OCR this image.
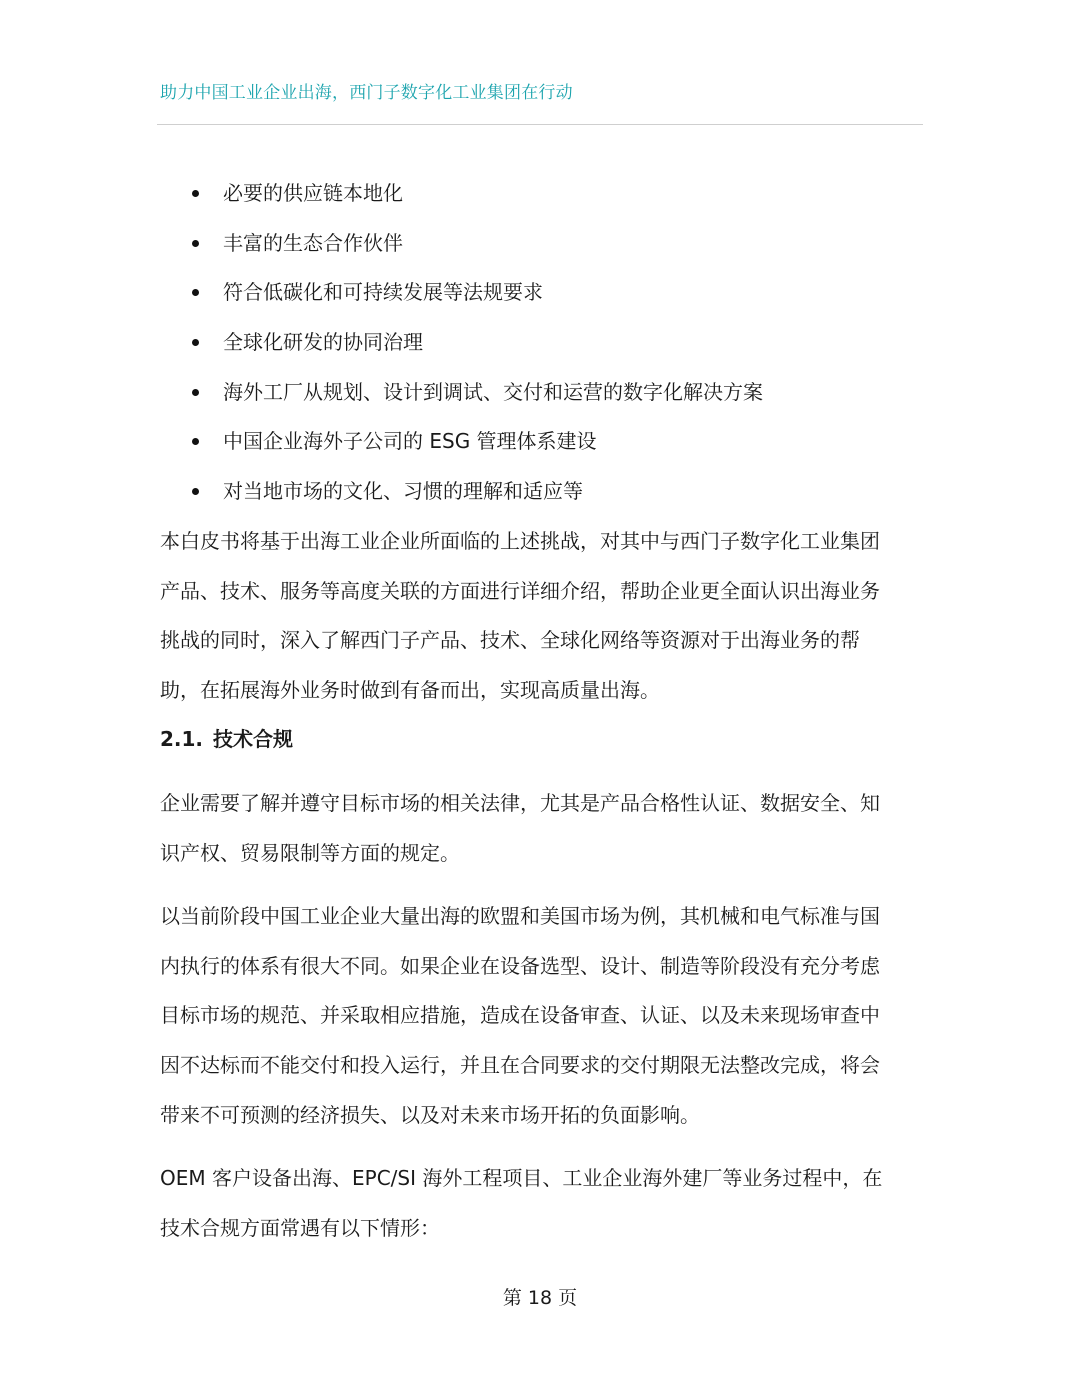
助力中国工业企业出海，西门子数字化工业集团在行动
必要的供应链本地化
丰富的生态合作伙伴
符合低碳化和可持续发展等法规要求
全球化研发的协同治理
海外工厂从规划、设计到调试、交付和运营的数字化解决方案
中国企业海外子公司的 ESG 管理体系建设
对当地市场的文化、习惯的理解和适应等

本白皮书将基于出海工业企业所面临的上述挑战，对其中与西门子数字化工业集团
产品、技术、服务等高度关联的方面进行详细介绍，帮助企业更全面认识出海业务
挑战的同时，深入了解西门子产品、技术、全球化网络等资源对于出海业务的帮
助，在拓展海外业务时做到有备而出，实现高质量出海。

2.1. 技术合规

企业需要了解并遵守目标市场的相关法律，尤其是产品合格性认证、数据安全、知
识产权、贸易限制等方面的规定。

以当前阶段中国工业企业大量出海的欧盟和美国市场为例，其机械和电气标准与国
内执行的体系有很大不同。如果企业在设备选型、设计、制造等阶段没有充分考虑
目标市场的规范、并采取相应措施，造成在设备审查、认证、以及未来现场审查中
因不达标而不能交付和投入运行，并且在合同要求的交付期限无法整改完成，将会
带来不可预测的经济损失、以及对未来市场开拓的负面影响。

OEM 客户设备出海、EPC/SI 海外工程项目、工业企业海外建厂等业务过程中，在
技术合规方面常遇有以下情形：

第 18 页
